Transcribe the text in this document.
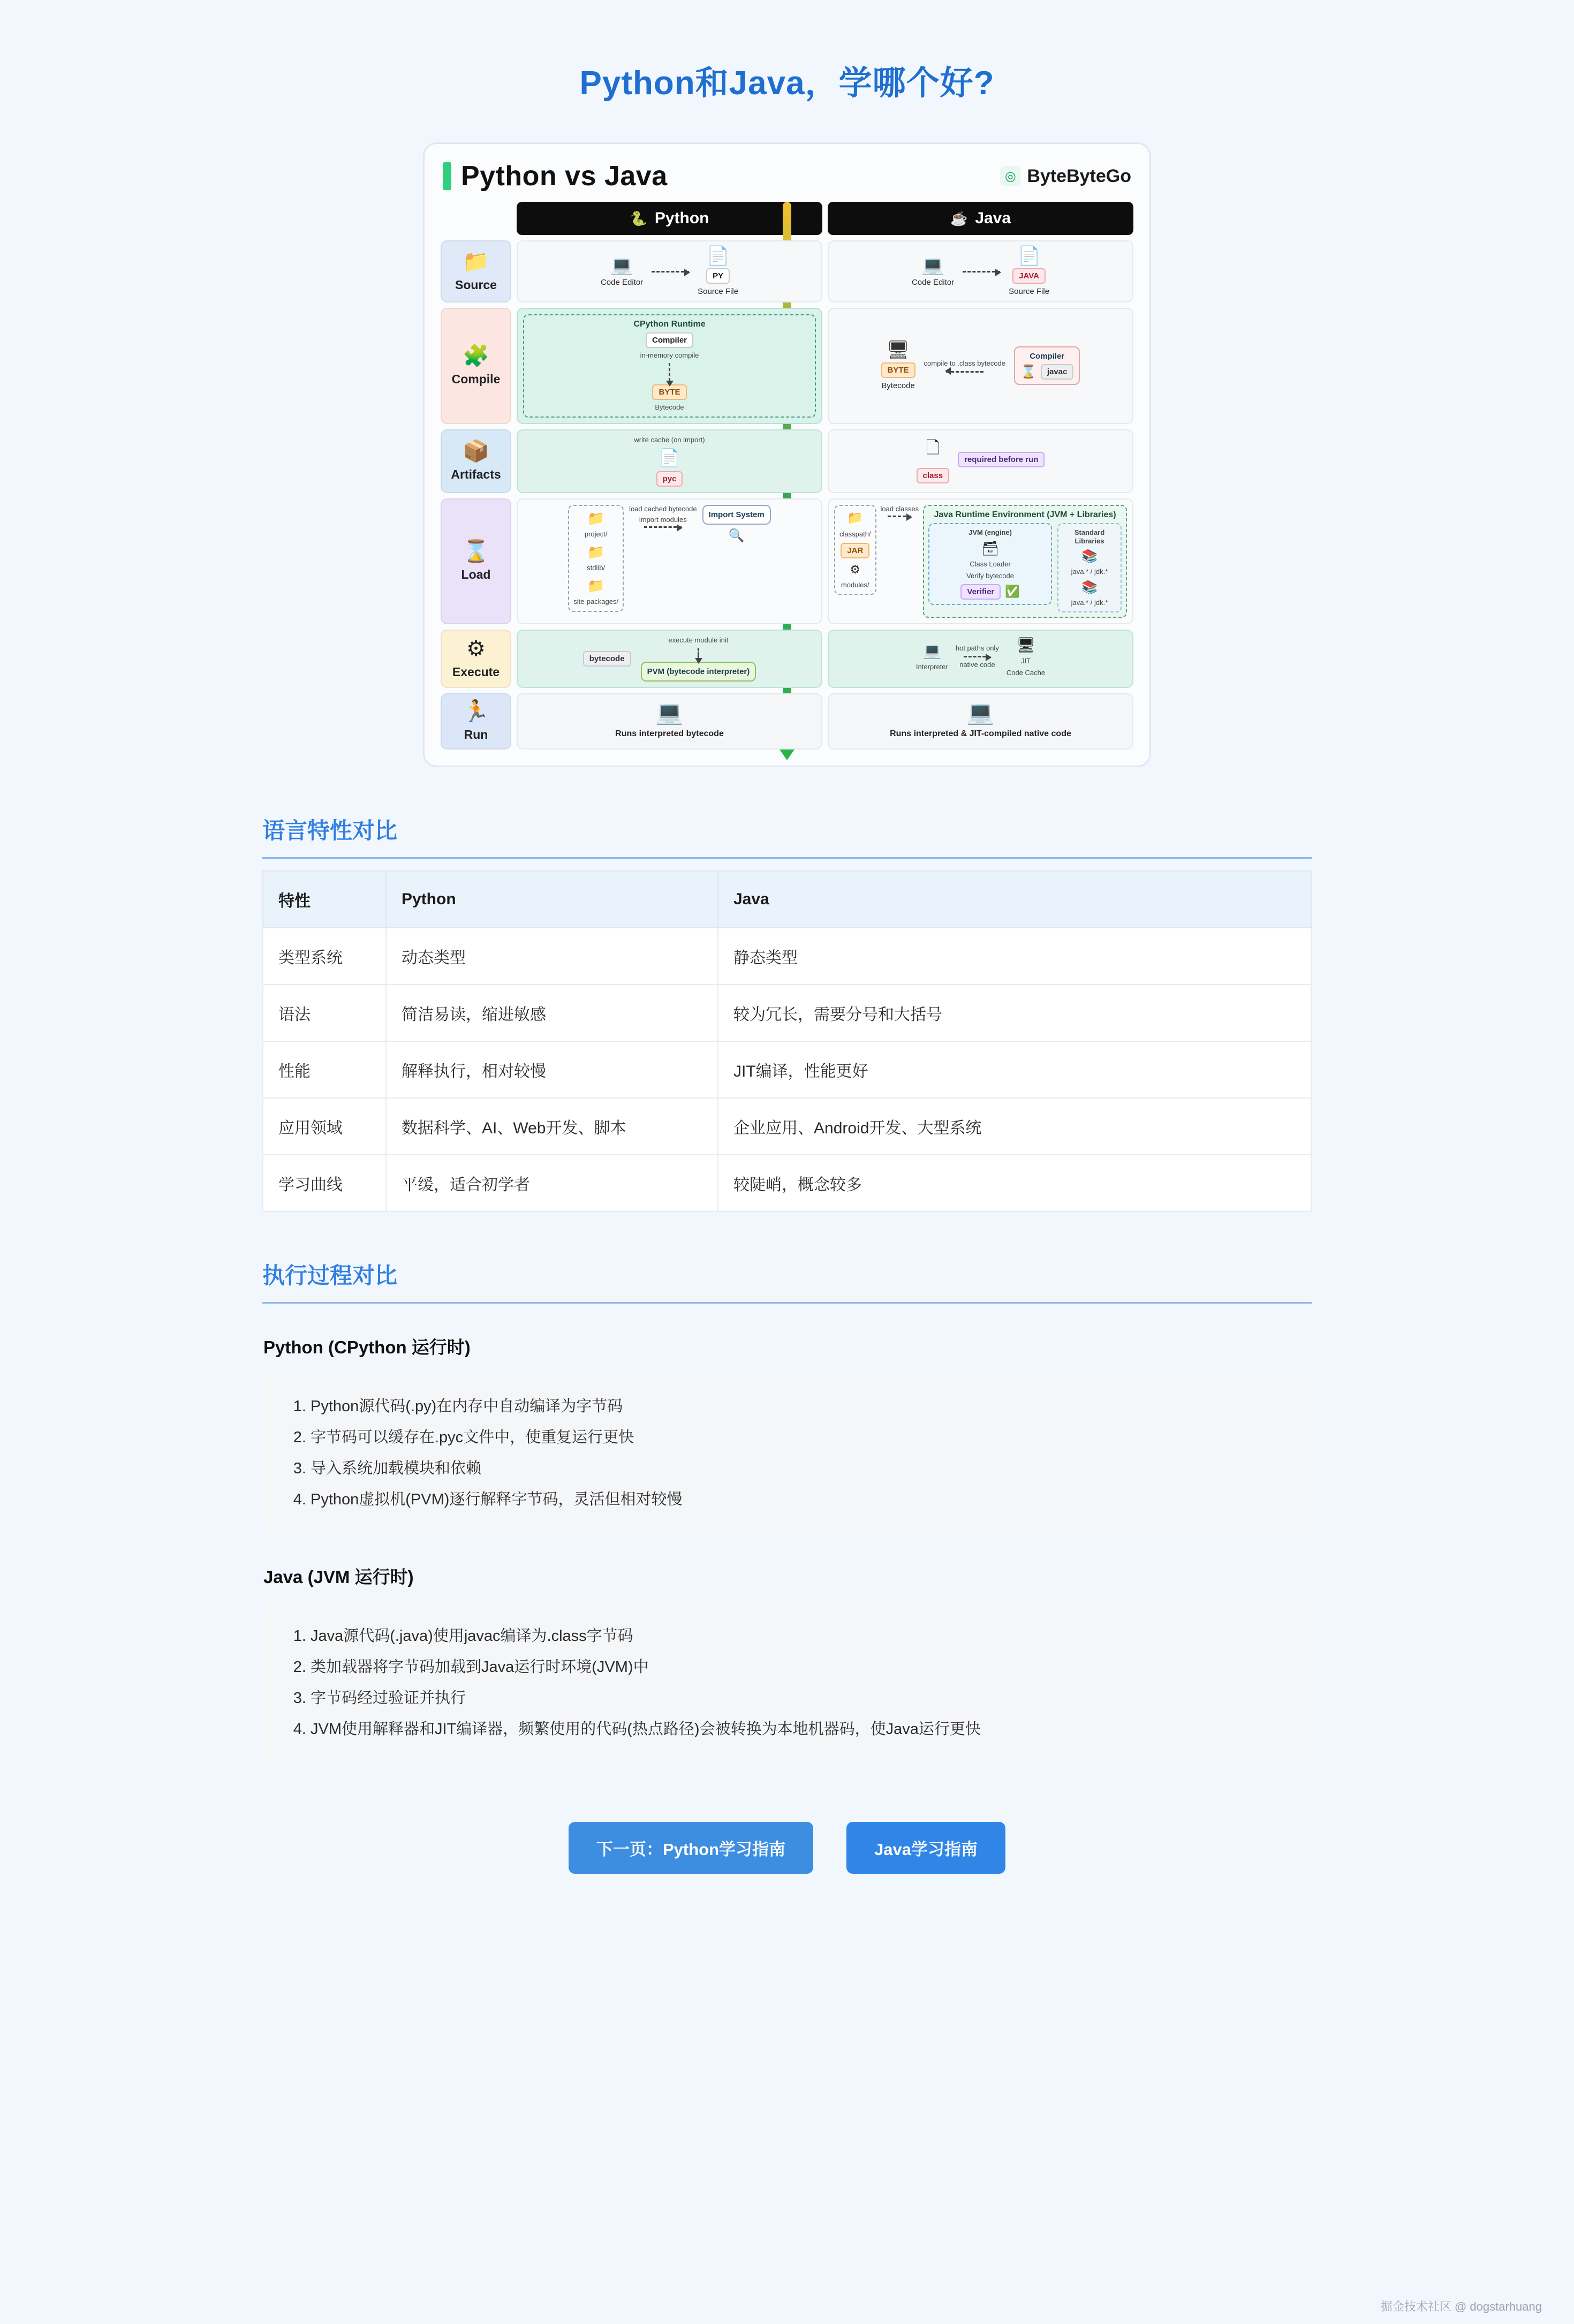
Python和Java，学哪个好?
Python vs Java	◎ ByteByteGo
🐍 Python	☕ Java
📁
Source
💻
Code Editor
📄
PY
Source File
💻
Code Editor
📄
JAVA
Source File
🧩
Compile
CPython Runtime
Compiler
in-memory compile
BYTE
Bytecode
🖥
BYTE
Bytecode
compile to .class bytecode
Compiler
⌛	javac
📦
Artifacts
write cache (on import)
📄
pyc
🗋
class
required before run
⌛
Load
📁
project/
📁
stdlib/
📁
site-packages/
load cached bytecode
import modules
Import System
🔍
📁
classpath/
JAR
⚙
modules/
load classes
Java Runtime Environment (JVM + Libraries)
JVM (engine)
🗃
Class Loader
Verify bytecode
Verifier ✅
Standard Libraries
📚
java.* / jdk.*
📚
java.* / jdk.*
⚙
Execute
bytecode
execute module init
PVM (bytecode interpreter)
💻
Interpreter
hot paths only
native code
🖥
JIT
Code Cache
🏃
Run
💻
Runs interpreted bytecode
💻
Runs interpreted & JIT-compiled native code
语言特性对比
特性	Python	Java
类型系统	动态类型	静态类型
语法	简洁易读，缩进敏感	较为冗长，需要分号和大括号
性能	解释执行，相对较慢	JIT编译，性能更好
应用领域	数据科学、AI、Web开发、脚本	企业应用、Android开发、大型系统
学习曲线	平缓，适合初学者	较陡峭，概念较多
执行过程对比
Python (CPython 运行时)
1. Python源代码(.py)在内存中自动编译为字节码
2. 字节码可以缓存在.pyc文件中，使重复运行更快
3. 导入系统加载模块和依赖
4. Python虚拟机(PVM)逐行解释字节码，灵活但相对较慢
Java (JVM 运行时)
1. Java源代码(.java)使用javac编译为.class字节码
2. 类加载器将字节码加载到Java运行时环境(JVM)中
3. 字节码经过验证并执行
4. JVM使用解释器和JIT编译器，频繁使用的代码(热点路径)会被转换为本地机器码，使Java运行更快
下一页：Python学习指南	Java学习指南
掘金技术社区 @ dogstarhuang
